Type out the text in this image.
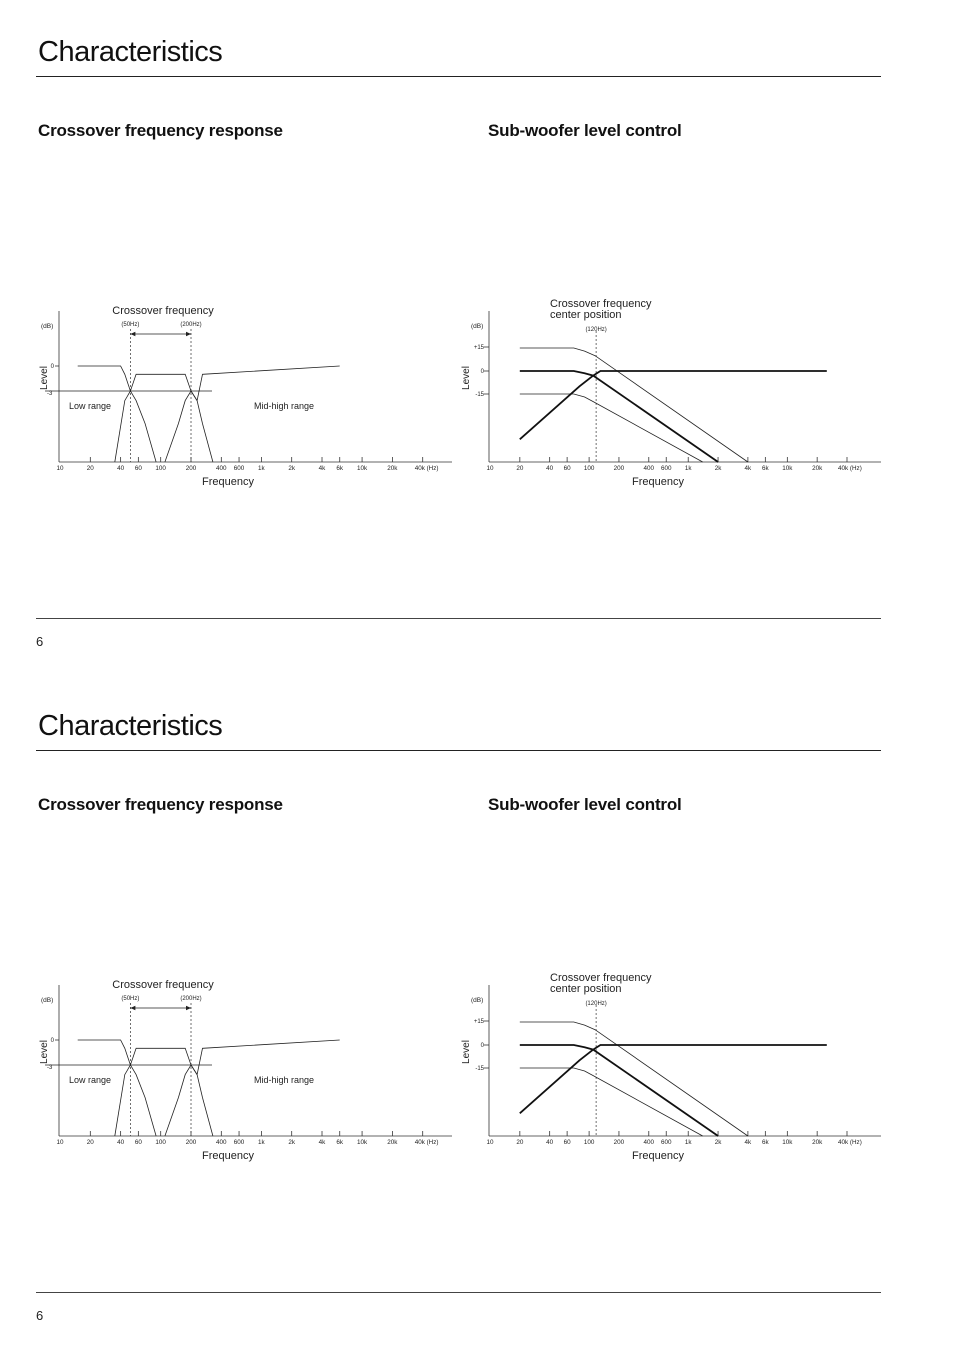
Characteristics
Crossover frequency response	Sub-woofer level control
0
-3
(dB)
Level
10	20	40 60 100	200	400 600 1k	2k	4k 6k 10k	20k	40k (Hz)
Frequency
Crossover frequency
(50Hz)	(200Hz)
Low range	Mid-high range
+15
0
-15
(dB)
Level
10	20	40 60 100	200	400 600 1k	2k	4k 6k 10k	20k	40k (Hz)
Frequency
Crossover frequency
center position
(120Hz)
6
Characteristics
Crossover frequency response	Sub-woofer level control
0
-3
(dB)
Level
10	20	40 60 100	200	400 600 1k	2k	4k 6k 10k	20k	40k (Hz)
Frequency
Crossover frequency
(50Hz)	(200Hz)
Low range	Mid-high range
+15
0
-15
(dB)
Level
10	20	40 60 100	200	400 600 1k	2k	4k 6k 10k	20k	40k (Hz)
Frequency
Crossover frequency
center position
(120Hz)
6
